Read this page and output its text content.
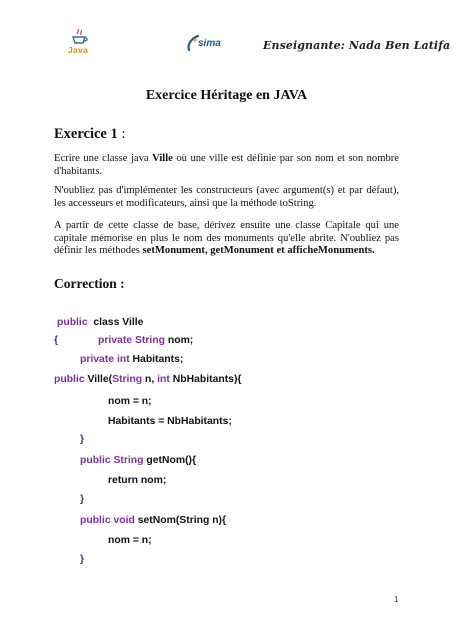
Java
sima	Enseignante: Nada Ben Latifa
Exercice Héritage en JAVA
Exercice 1 :
Ecrire une classe java Ville où une ville est définie par son nom et son nombre d'habitants.
N'oubliez pas d'implémenter les constructeurs (avec argument(s) et par défaut), les accesseurs et modificateurs, ainsi que la méthode toString.
A partir de cette classe de base, dérivez ensuite une classe Capitale qui une capitale mémorise en plus le nom des monuments qu'elle abrite. N'oubliez pas définir les méthodes setMonument, getMonument et afficheMonuments.
Correction :
public  class Ville
{	private String nom;
private int Habitants;
public Ville(String n, int NbHabitants){
nom = n;
Habitants = NbHabitants;
}
public String getNom(){
return nom;
}
public void setNom(String n){
nom = n;
}
1
